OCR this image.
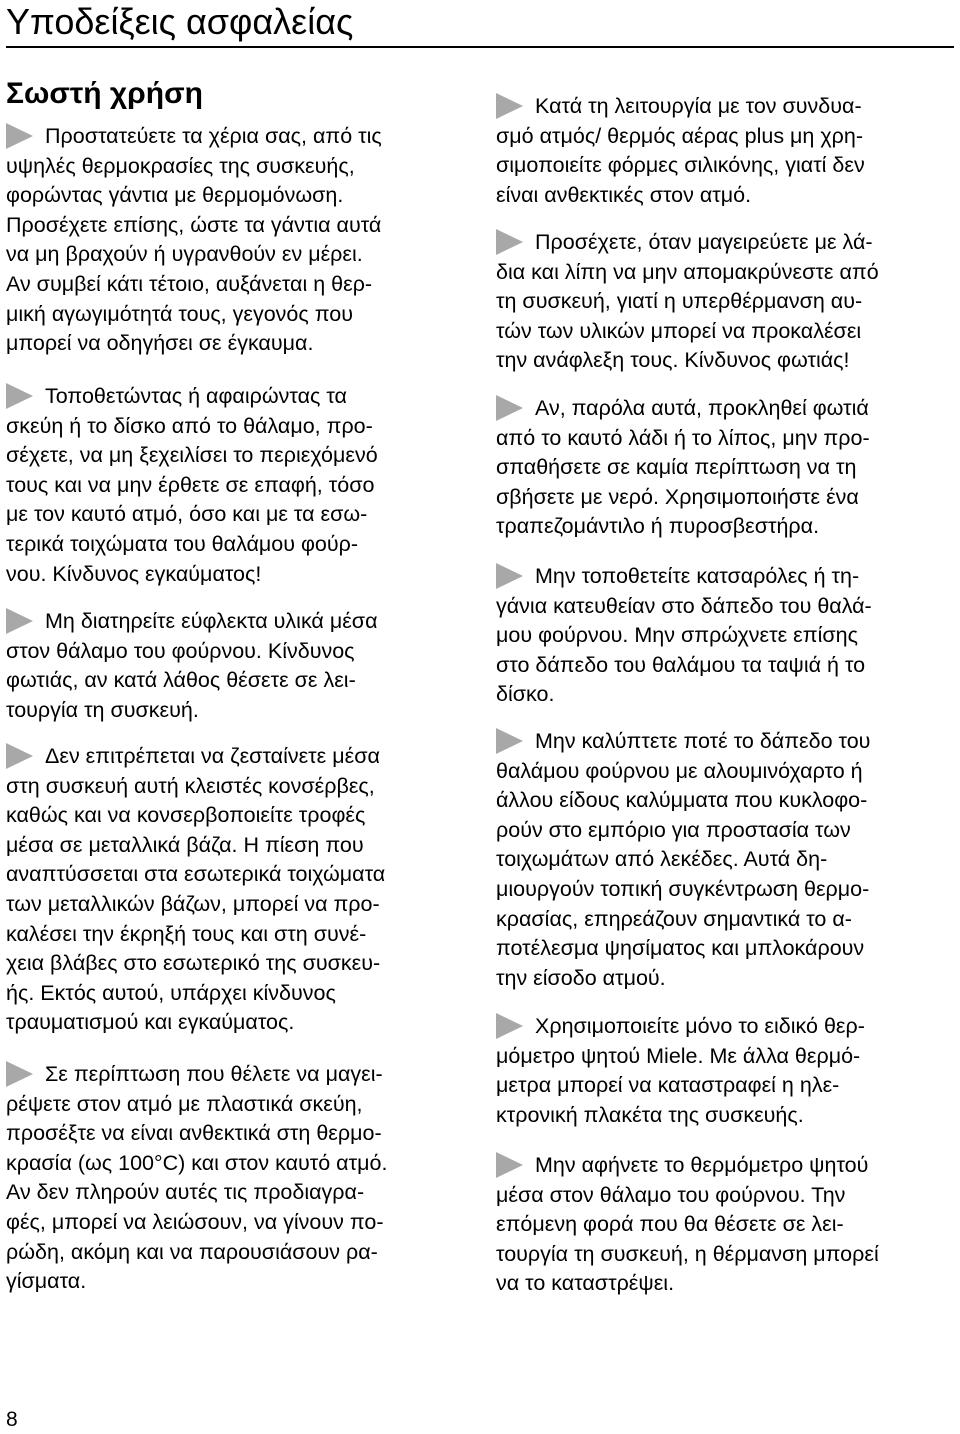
Υποδείξεις ασφαλείας
Σωστή χρήση
Προστατεύετε τα χέρια σας, από τις
υψηλές θερμοκρασίες της συσκευής,
φορώντας γάντια με θερμομόνωση.
Προσέχετε επίσης, ώστε τα γάντια αυτά
να μη βραχούν ή υγρανθούν εν μέρει.
Αν συμβεί κάτι τέτοιο, αυξάνεται η θερ-
μική αγωγιμότητά τους, γεγονός που
μπορεί να οδηγήσει σε έγκαυμα.
Τοποθετώντας ή αφαιρώντας τα
σκεύη ή το δίσκο από το θάλαμο, προ-
σέχετε, να μη ξεχειλίσει το περιεχόμενό
τους και να μην έρθετε σε επαφή, τόσο
με τον καυτό ατμό, όσο και με τα εσω-
τερικά τοιχώματα του θαλάμου φούρ-
νου. Κίνδυνος εγκαύματος!
Μη διατηρείτε εύφλεκτα υλικά μέσα
στον θάλαμο του φούρνου. Κίνδυνος
φωτιάς, αν κατά λάθος θέσετε σε λει-
τουργία τη συσκευή.
Δεν επιτρέπεται να ζεσταίνετε μέσα
στη συσκευή αυτή κλειστές κονσέρβες,
καθώς και να κονσερβοποιείτε τροφές
μέσα σε μεταλλικά βάζα. Η πίεση που
αναπτύσσεται στα εσωτερικά τοιχώματα
των μεταλλικών βάζων, μπορεί να προ-
καλέσει την έκρηξή τους και στη συνέ-
χεια βλάβες στο εσωτερικό της συσκευ-
ής. Εκτός αυτού, υπάρχει κίνδυνος
τραυματισμού και εγκαύματος.
Σε περίπτωση που θέλετε να μαγει-
ρέψετε στον ατμό με πλαστικά σκεύη,
προσέξτε να είναι ανθεκτικά στη θερμο-
κρασία (ως 100°C) και στον καυτό ατμό.
Αν δεν πληρούν αυτές τις προδιαγρα-
φές, μπορεί να λειώσουν, να γίνουν πο-
ρώδη, ακόμη και να παρουσιάσουν ρα-
γίσματα.
Κατά τη λειτουργία με τον συνδυα-
σμό ατμός/ θερμός αέρας plus μη χρη-
σιμοποιείτε φόρμες σιλικόνης, γιατί δεν
είναι ανθεκτικές στον ατμό.
Προσέχετε, όταν μαγειρεύετε με λά-
δια και λίπη να μην απομακρύνεστε από
τη συσκευή, γιατί η υπερθέρμανση αυ-
τών των υλικών μπορεί να προκαλέσει
την ανάφλεξη τους. Κίνδυνος φωτιάς!
Αν, παρόλα αυτά, προκληθεί φωτιά
από το καυτό λάδι ή το λίπος, μην προ-
σπαθήσετε σε καμία περίπτωση να τη
σβήσετε με νερό. Χρησιμοποιήστε ένα
τραπεζομάντιλο ή πυροσβεστήρα.
Μην τοποθετείτε κατσαρόλες ή τη-
γάνια κατευθείαν στο δάπεδο του θαλά-
μου φούρνου. Μην σπρώχνετε επίσης
στο δάπεδο του θαλάμου τα ταψιά ή το
δίσκο.
Μην καλύπτετε ποτέ το δάπεδο του
θαλάμου φούρνου με αλουμινόχαρτο ή
άλλου είδους καλύμματα που κυκλοφο-
ρούν στο εμπόριο για προστασία των
τοιχωμάτων από λεκέδες. Αυτά δη-
μιουργούν τοπική συγκέντρωση θερμο-
κρασίας, επηρεάζουν σημαντικά το α-
ποτέλεσμα ψησίματος και μπλοκάρουν
την είσοδο ατμού.
Χρησιμοποιείτε μόνο το ειδικό θερ-
μόμετρο ψητού Miele. Με άλλα θερμό-
μετρα μπορεί να καταστραφεί η ηλε-
κτρονική πλακέτα της συσκευής.
Μην αφήνετε το θερμόμετρο ψητού
μέσα στον θάλαμο του φούρνου. Την
επόμενη φορά που θα θέσετε σε λει-
τουργία τη συσκευή, η θέρμανση μπορεί
να το καταστρέψει.
8
